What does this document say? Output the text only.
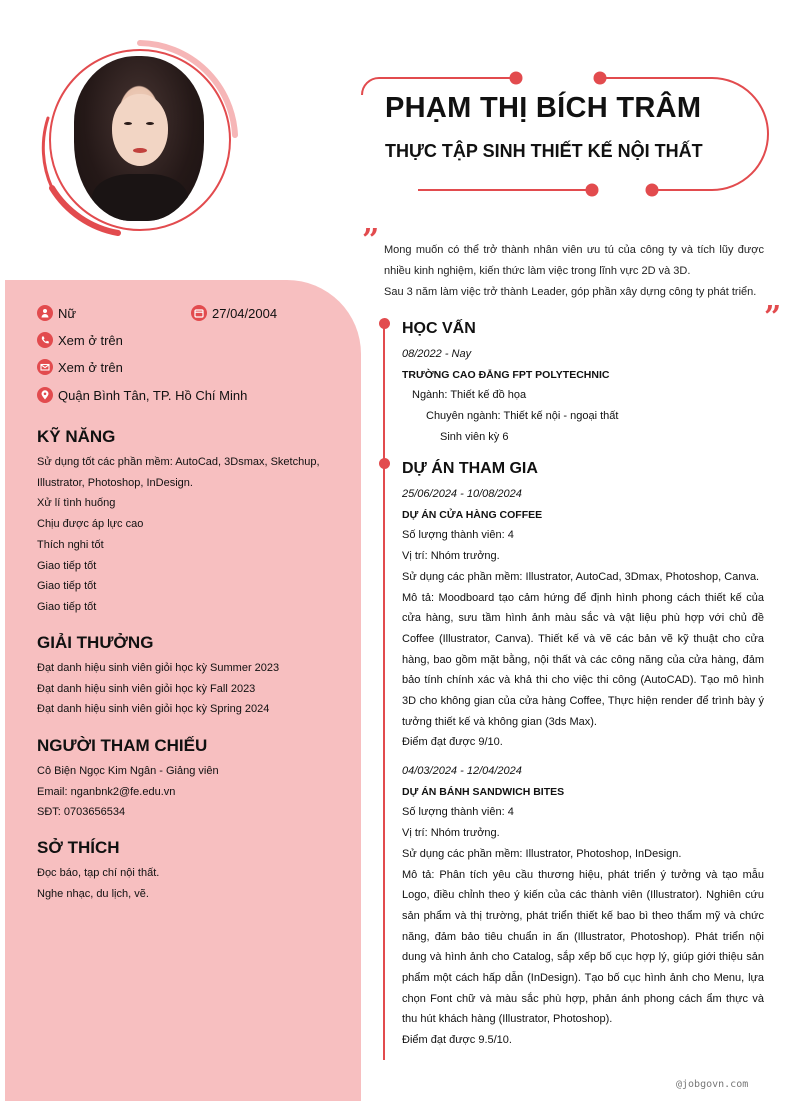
PHẠM THỊ BÍCH TRÂM
THỰC TẬP SINH THIẾT KẾ NỘI THẤT
” Mong muốn có thể trở thành nhân viên ưu tú của công ty và tích lũy được nhiều kinh nghiệm, kiến thức làm việc trong lĩnh vực 2D và 3D.
Sau 3 năm làm việc trở thành Leader, góp phần xây dựng công ty phát triển.
”
Nữ	27/04/2004
Xem ở trên
Xem ở trên
Quận Bình Tân, TP. Hồ Chí Minh
KỸ NĂNG
Sử dụng tốt các phần mềm: AutoCad, 3Dsmax, Sketchup, Illustrator, Photoshop, InDesign.
Xử lí tình huống
Chịu được áp lực cao
Thích nghi tốt
Giao tiếp tốt
Giao tiếp tốt
Giao tiếp tốt
GIẢI THƯỞNG
Đạt danh hiệu sinh viên giỏi học kỳ Summer 2023
Đạt danh hiệu sinh viên giỏi học kỳ Fall 2023
Đạt danh hiệu sinh viên giỏi học kỳ Spring 2024
NGƯỜI THAM CHIẾU
Cô Biện Ngọc Kim Ngân - Giảng viên
Email: nganbnk2@fe.edu.vn
SĐT: 0703656534
SỞ THÍCH
Đọc báo, tạp chí nội thất.
Nghe nhạc, du lịch, vẽ.
HỌC VẤN
08/2022 - Nay
TRƯỜNG CAO ĐẲNG FPT POLYTECHNIC
Ngành: Thiết kế đồ họa
Chuyên ngành: Thiết kế nội - ngoại thất
Sinh viên kỳ 6
DỰ ÁN THAM GIA
25/06/2024 - 10/08/2024
DỰ ÁN CỬA HÀNG COFFEE
Số lượng thành viên: 4
Vị trí: Nhóm trưởng.
Sử dụng các phần mềm: Illustrator, AutoCad, 3Dmax, Photoshop, Canva.
Mô tả: Moodboard tạo cảm hứng để định hình phong cách thiết kế của cửa hàng, sưu tầm hình ảnh màu sắc và vật liệu phù hợp với chủ đề Coffee (Illustrator, Canva). Thiết kế và vẽ các bản vẽ kỹ thuật cho cửa hàng, bao gồm mặt bằng, nội thất và các công năng của cửa hàng, đảm bảo tính chính xác và khả thi cho việc thi công (AutoCAD). Tạo mô hình 3D cho không gian của cửa hàng Coffee, Thực hiện render để trình bày ý tưởng thiết kế và không gian (3ds Max).
Điểm đạt được 9/10.
04/03/2024 - 12/04/2024
DỰ ÁN BÁNH SANDWICH BITES
Số lượng thành viên: 4
Vị trí: Nhóm trưởng.
Sử dụng các phần mềm: Illustrator, Photoshop, InDesign.
Mô tả: Phân tích yêu cầu thương hiệu, phát triển ý tưởng và tạo mẫu Logo, điều chỉnh theo ý kiến của các thành viên (Illustrator). Nghiên cứu sản phẩm và thị trường, phát triển thiết kế bao bì theo thẩm mỹ và chức năng, đảm bảo tiêu chuẩn in ấn (Illustrator, Photoshop). Phát triển nội dung và hình ảnh cho Catalog, sắp xếp bố cục hợp lý, giúp giới thiệu sản phẩm một cách hấp dẫn (InDesign). Tạo bố cục hình ảnh cho Menu, lựa chọn Font chữ và màu sắc phù hợp, phản ánh phong cách ẩm thực và thu hút khách hàng (Illustrator, Photoshop).
Điểm đạt được 9.5/10.
@jobgovn.com
